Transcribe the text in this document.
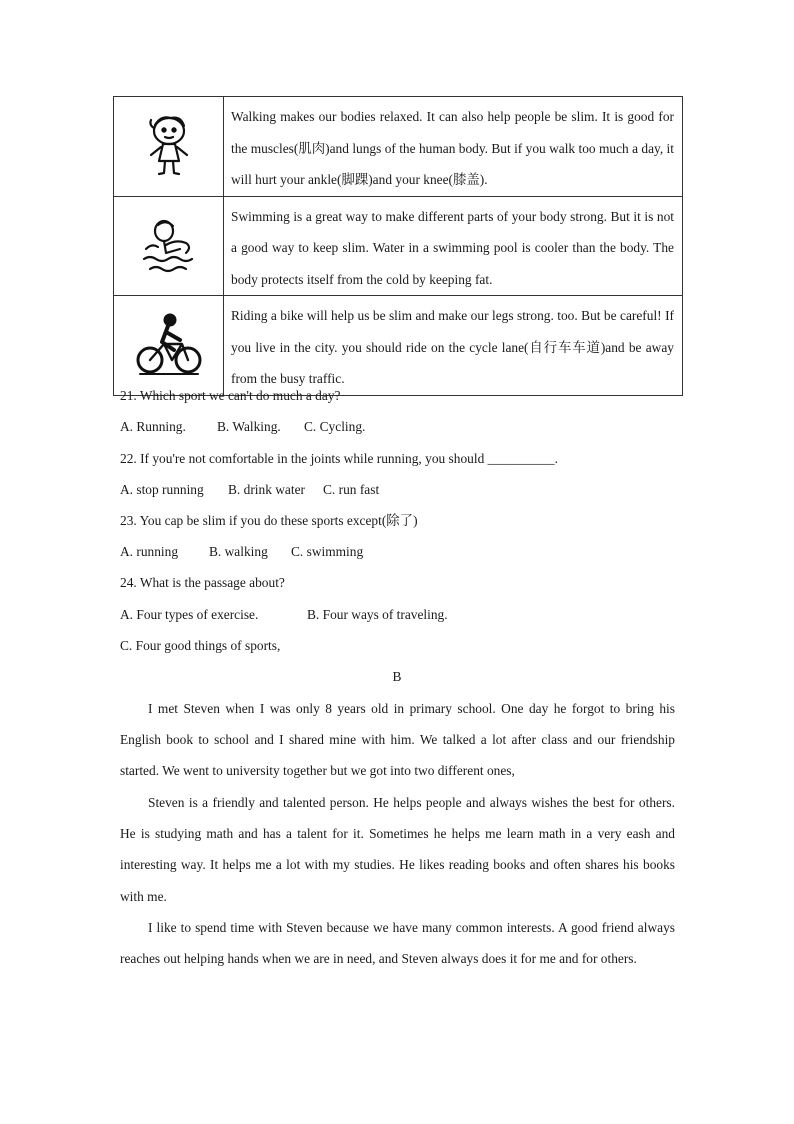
Walking makes our bodies relaxed. It can also help people be slim. It is good for the muscles(肌肉)and lungs of the human body. But if you walk too much a day, it will hurt your ankle(脚踝)and your knee(膝盖).

Swimming is a great way to make different parts of your body strong. But it is not a good way to keep slim. Water in a swimming pool is cooler than the body. The body protects itself from the cold by keeping fat.

Riding a bike will help us be slim and make our legs strong. too. But be careful! If you live in the city. you should ride on the cycle lane(自行车车道)and be away from the busy traffic.
21. Which sport we can't do much a day?
A. Running. B. Walking. C. Cycling.
22. If you're not comfortable in the joints while running, you should __________.
A. stop running B. drink water C. run fast
23. You cap be slim if you do these sports except(除了)
A. running B. walking C. swimming
24. What is the passage about?
A. Four types of exercise.	B. Four ways of traveling.
C. Four good things of sports,
B
I met Steven when I was only 8 years old in primary school. One day he forgot to bring his English book to school and I shared mine with him. We talked a lot after class and our friendship started. We went to university together but we got into two different ones,
Steven is a friendly and talented person. He helps people and always wishes the best for others. He is studying math and has a talent for it. Sometimes he helps me learn math in a very eash and interesting way. It helps me a lot with my studies. He likes reading books and often shares his books with me.
I like to spend time with Steven because we have many common interests. A good friend always reaches out helping hands when we are in need, and Steven always does it for me and for others.
